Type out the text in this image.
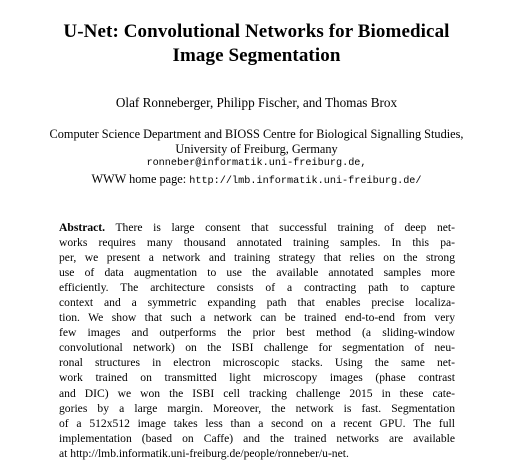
U-Net: Convolutional Networks for Biomedical
Image Segmentation
Olaf Ronneberger, Philipp Fischer, and Thomas Brox
Computer Science Department and BIOSS Centre for Biological Signalling Studies,
University of Freiburg, Germany
ronneber@informatik.uni-freiburg.de,
WWW home page: http://lmb.informatik.uni-freiburg.de/
Abstract. There is large consent that successful training of deep net-
works requires many thousand annotated training samples. In this pa-
per, we present a network and training strategy that relies on the strong
use of data augmentation to use the available annotated samples more
efficiently. The architecture consists of a contracting path to capture
context and a symmetric expanding path that enables precise localiza-
tion. We show that such a network can be trained end-to-end from very
few images and outperforms the prior best method (a sliding-window
convolutional network) on the ISBI challenge for segmentation of neu-
ronal structures in electron microscopic stacks. Using the same net-
work trained on transmitted light microscopy images (phase contrast
and DIC) we won the ISBI cell tracking challenge 2015 in these cate-
gories by a large margin. Moreover, the network is fast. Segmentation
of a 512x512 image takes less than a second on a recent GPU. The full
implementation (based on Caffe) and the trained networks are available
at http://lmb.informatik.uni-freiburg.de/people/ronneber/u-net.
